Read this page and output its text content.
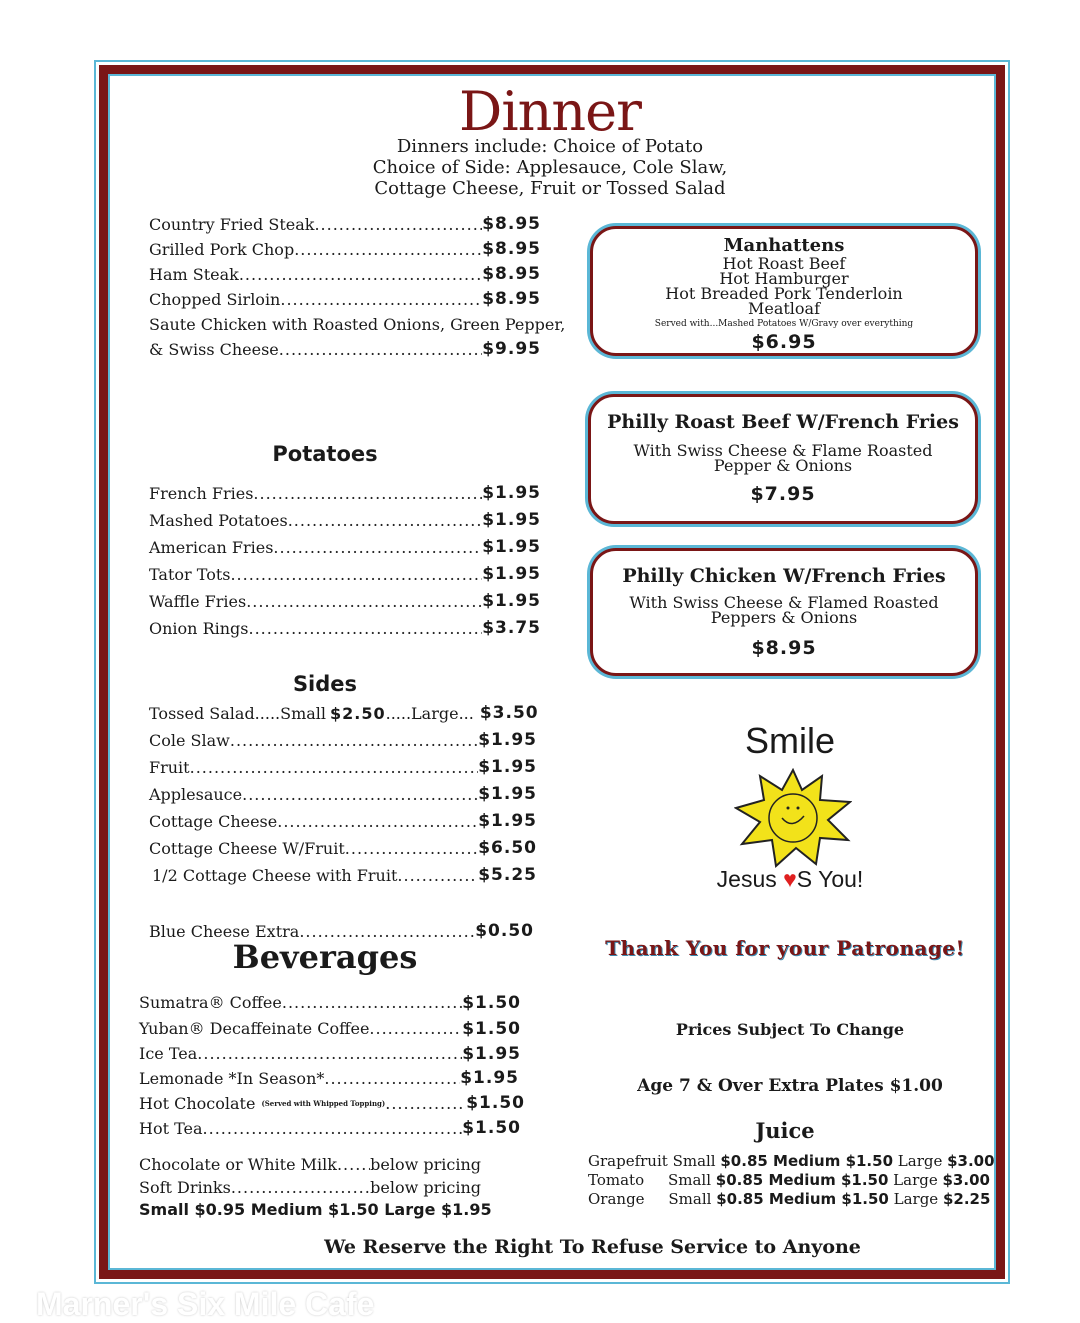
Dinner
Dinners include: Choice of Potato
Choice of Side: Applesauce, Cole Slaw,
Cottage Cheese, Fruit or Tossed Salad
Country Fried Steak .....	$8.95
Grilled Pork Chop .....	$8.95
Ham Steak .....	$8.95
Chopped Sirloin .....	$8.95
Saute Chicken with Roasted Onions, Green Pepper,
& Swiss Cheese .....	$9.95
Potatoes
French Fries .....	$1.95
Mashed Potatoes .....	$1.95
American Fries .....	$1.95
Tator Tots .....	$1.95
Waffle Fries .....	$1.95
Onion Rings .....	$3.75
Sides
Tossed Salad.....Small $2.50 .....Large... $3.50
Cole Slaw .....	$1.95
Fruit .....	$1.95
Applesauce .....	$1.95
Cottage Cheese .....	$1.95
Cottage Cheese W/Fruit .....	$6.50
1/2 Cottage Cheese with Fruit .....	$5.25
Blue Cheese Extra .....	$0.50
Beverages
Sumatra® Coffee .....	$1.50
Yuban® Decaffeinate Coffee .....	$1.50
Ice Tea .....	$1.95
Lemonade *In Season* .....	$1.95
Hot Chocolate (Served with Whipped Topping) .....	$1.50
Hot Tea .....	$1.50
Chocolate or White Milk ..... below pricing
Soft Drinks .....	below pricing
Small $0.95 Medium $1.50 Large $1.95
Manhattens
Hot Roast Beef
Hot Hamburger
Hot Breaded Pork Tenderloin
Meatloaf
Served with...Mashed Potatoes W/Gravy over everything
$6.95
Philly Roast Beef W/French Fries
With Swiss Cheese & Flame Roasted
Pepper & Onions
$7.95
Philly Chicken W/French Fries
With Swiss Cheese & Flamed Roasted
Peppers & Onions
$8.95
Smile
Jesus ♥S You!
Thank You for your Patronage!
Prices Subject To Change
Age 7 & Over Extra Plates $1.00
Juice
Grapefruit Small $0.85 Medium $1.50 Large $3.00
Tomato     Small $0.85 Medium $1.50 Large $3.00
Orange     Small $0.85 Medium $1.50 Large $2.25
We Reserve the Right To Refuse Service to Anyone
Marner's Six Mile Cafe
